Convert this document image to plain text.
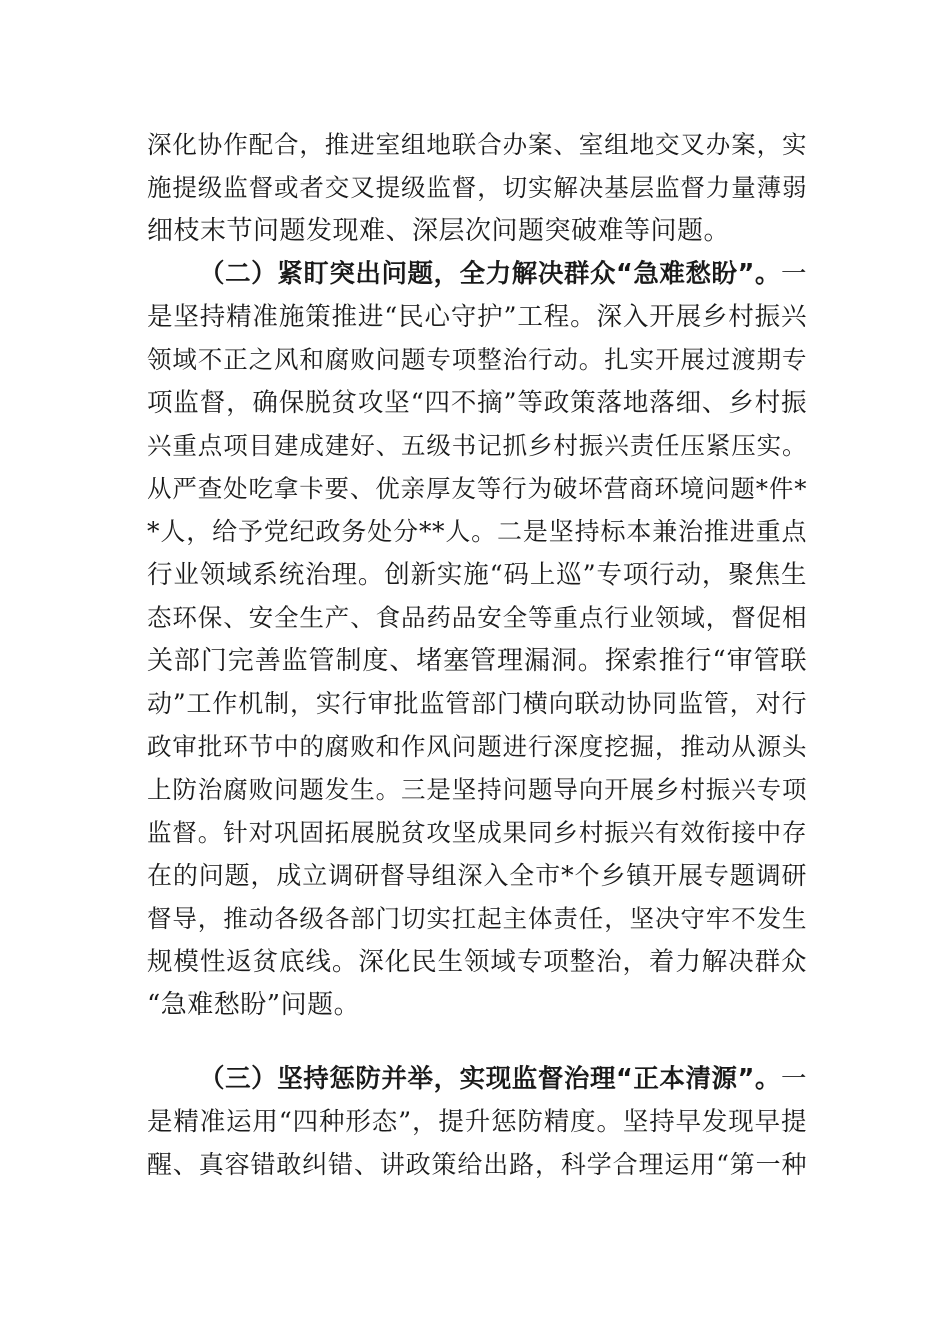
深化协作配合，推进室组地联合办案、室组地交叉办案，实
施提级监督或者交叉提级监督，切实解决基层监督力量薄弱
细枝末节问题发现难、深层次问题突破难等问题。
（二）紧盯突出问题，全力解决群众“急难愁盼”。一
是坚持精准施策推进“民心守护”工程。深入开展乡村振兴
领域不正之风和腐败问题专项整治行动。扎实开展过渡期专
项监督，确保脱贫攻坚“四不摘”等政策落地落细、乡村振
兴重点项目建成建好、五级书记抓乡村振兴责任压紧压实。
从严查处吃拿卡要、优亲厚友等行为破坏营商环境问题*件*
*人，给予党纪政务处分**人。二是坚持标本兼治推进重点
行业领域系统治理。创新实施“码上巡”专项行动，聚焦生
态环保、安全生产、食品药品安全等重点行业领域，督促相
关部门完善监管制度、堵塞管理漏洞。探索推行“审管联
动”工作机制，实行审批监管部门横向联动协同监管，对行
政审批环节中的腐败和作风问题进行深度挖掘，推动从源头
上防治腐败问题发生。三是坚持问题导向开展乡村振兴专项
监督。针对巩固拓展脱贫攻坚成果同乡村振兴有效衔接中存
在的问题，成立调研督导组深入全市*个乡镇开展专题调研
督导，推动各级各部门切实扛起主体责任，坚决守牢不发生
规模性返贫底线。深化民生领域专项整治，着力解决群众
“急难愁盼”问题。
（三）坚持惩防并举，实现监督治理“正本清源”。一
是精准运用“四种形态”，提升惩防精度。坚持早发现早提
醒、真容错敢纠错、讲政策给出路，科学合理运用“第一种
